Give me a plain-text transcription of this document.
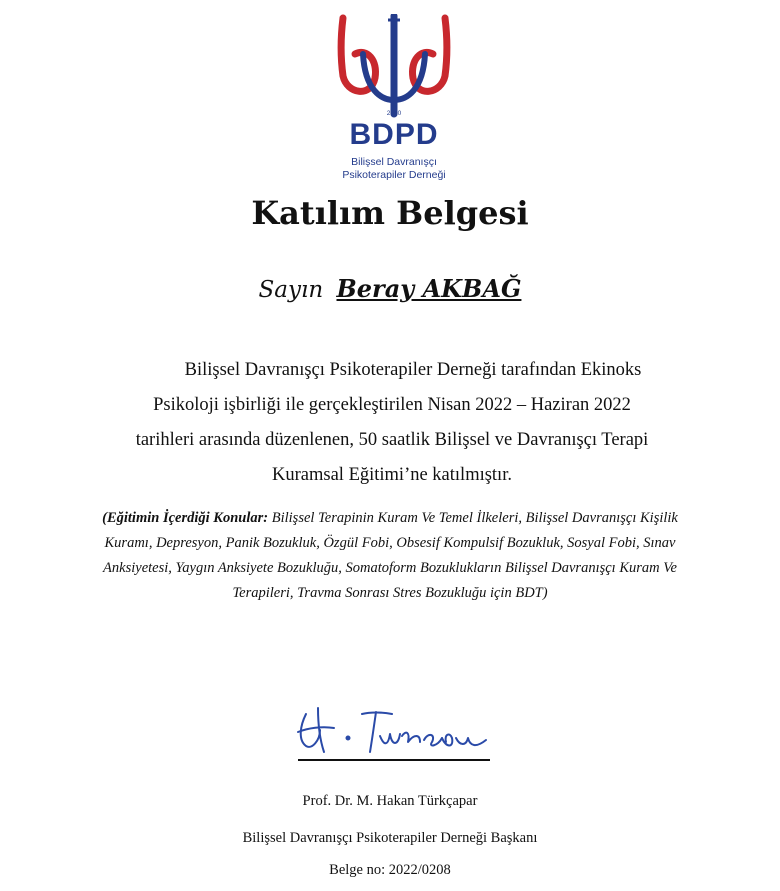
2010
BDPD
Bilişsel Davranışçı
Psikoterapiler Derneği
Katılım Belgesi
Sayın Beray AKBAĞ
Bilişsel Davranışçı Psikoterapiler Derneği tarafından Ekinoks
Psikoloji işbirliği ile gerçekleştirilen Nisan 2022 – Haziran 2022
tarihleri arasında düzenlenen, 50 saatlik Bilişsel ve Davranışçı Terapi
Kuramsal Eğitimi’ne katılmıştır.
(Eğitimin İçerdiği Konular: Bilişsel Terapinin Kuram Ve Temel İlkeleri, Bilişsel Davranışçı Kişilik Kuramı, Depresyon, Panik Bozukluk, Özgül Fobi, Obsesif Kompulsif Bozukluk, Sosyal Fobi, Sınav Anksiyetesi, Yaygın Anksiyete Bozukluğu, Somatoform Bozuklukların Bilişsel Davranışçı Kuram Ve Terapileri, Travma Sonrası Stres Bozukluğu için BDT)
Prof. Dr. M. Hakan Türkçapar
Bilişsel Davranışçı Psikoterapiler Derneği Başkanı
Belge no: 2022/0208
